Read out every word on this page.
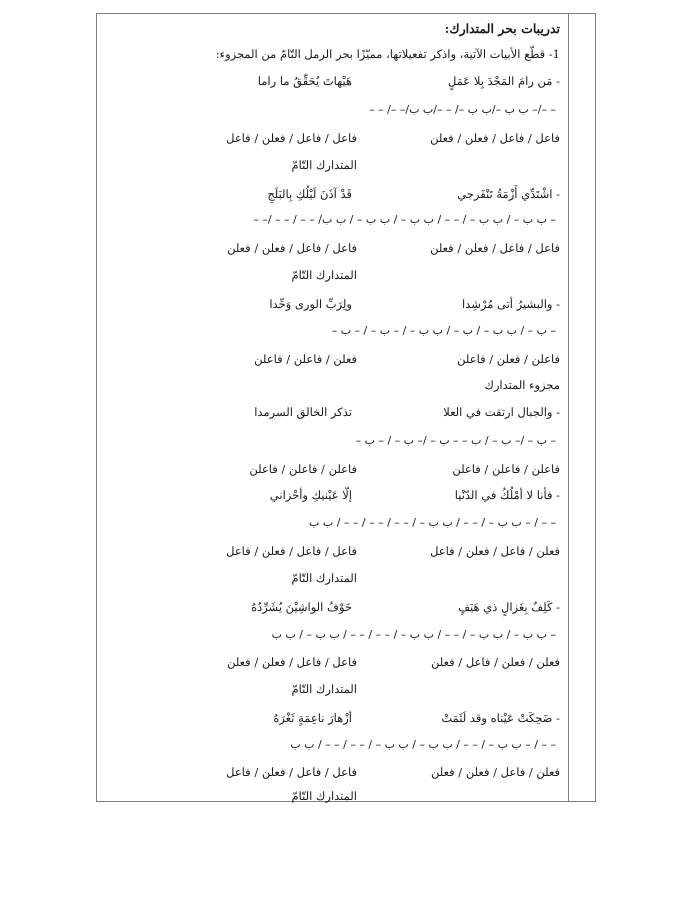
تدريبات بحر المتدارك:
1- قطّع الأبيات الآتية، واذكر تفعيلاتها، مميّزًا بحر الرمل التّامّ من المجزوء:
- مَن رامَ المَجْدَ بِلا عَمَلٍ
هَيْهاتَ يُحَقِّقُ ما راما
– – /– –/ب ب –/ب ب –/ – –/ب ب –/– –
فاعل / فاعل / فعلن / فعلن
فاعل / فاعل / فعلن / فاعل
المتدارك التّامّ
- اشْتَدِّي أَزْمَةُ تَنْفَرجي
قَدْ آذَنَ لَيْلُكِ بِالبَلَجِ
– –/ – – / – – /ب ب – / ب ب – / – – / ب ب – / ب ب – / ب ب –
فاعل / فاعل / فعلن / فعلن
فاعل / فاعل / فعلن / فعلن
المتدارك التّامّ
- والبشيرُ أتى مُرْشِدا
ولِرَبِّ الورى وَحِّدا
– ب – / ب ب – / ب – / ب ب – / – ب – / – ب –
فاعلن / فعلن / فاعلن
فعلن / فاعلن / فاعلن
مجزوء المتدارك
- والجبال ارتقت في العلا
تذكر الخالق السرمدا
– ب – /– ب – / ب – – ب – /– ب – / – ب –
فاعلن / فاعلن / فاعلن
فاعلن / فاعلن / فاعلن
- فأنا لا أمْلُكُ في الدّنْيا
إلّا عَيْنيكِ وأحْزاني
ب ب – / – – / ب ب – / – – / – – / – – / ب ب – / – –
فعلن / فاعل / فعلن / فاعل
فاعل / فاعل / فعلن / فاعل
المتدارك التّامّ
- كَلِفٌ بِغَزالٍ ذي هَيَفٍ
خَوْفُ الواشِيْنَ يُشَرِّدُهُ
ب ب – / ب ب – / – – / ب ب – / – – / – – / ب ب – / ب ب –
فعلن / فعلن / فاعل / فعلن
فاعل / فاعل / فعلن / فعلن
المتدارك التّامّ
- ضَحِكَتْ عَيْناه وقد لَثَمَتْ
أزْهارَ ناعِمَةٍ ثَغْرَهُ
ب ب – / – – / ب ب – / ب ب – / – – / – – / ب ب – / – –
فعلن / فاعل / فعلن / فعلن
فاعل / فاعل / فعلن / فاعل
المتدارك التّامّ
